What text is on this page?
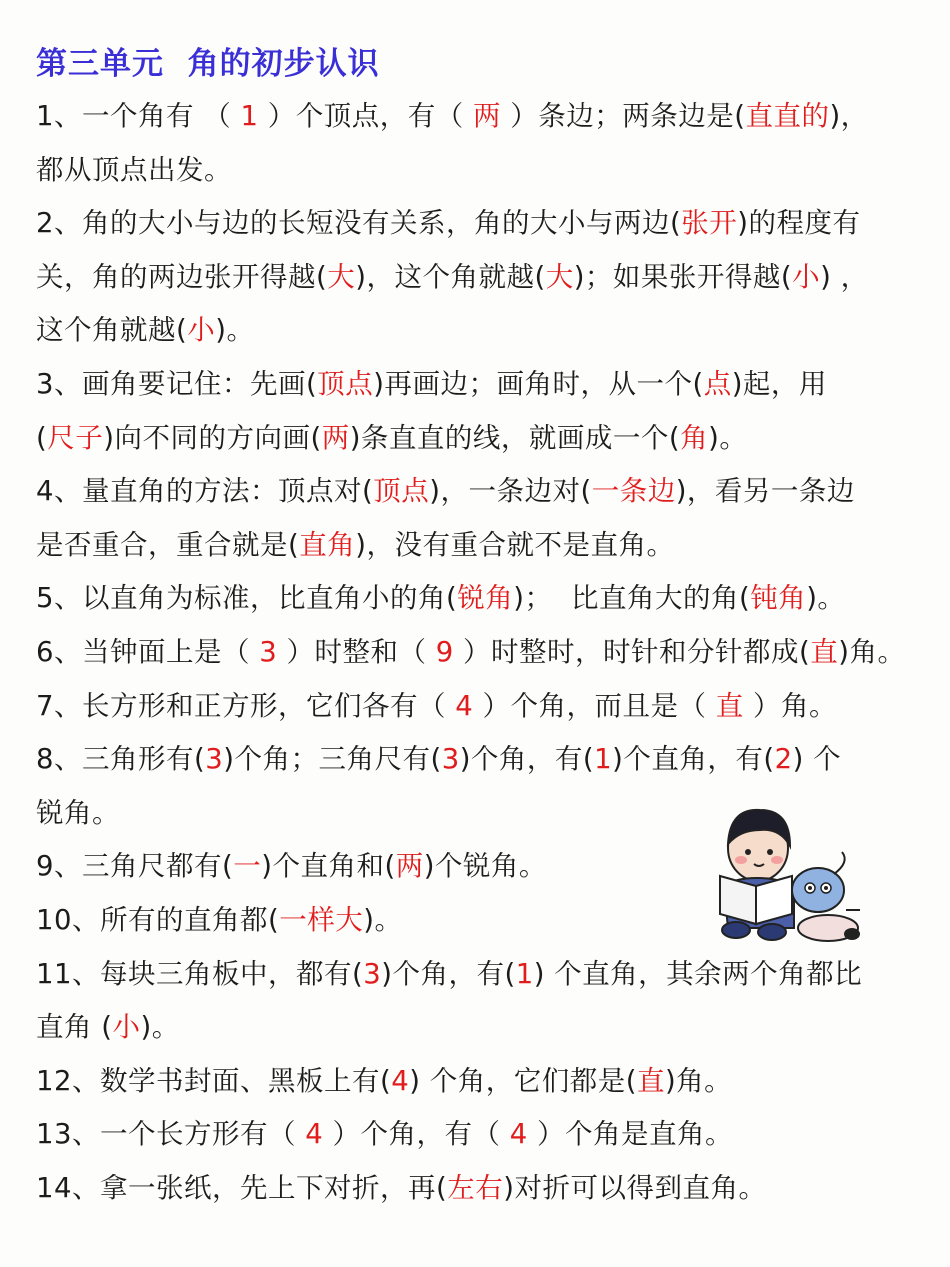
第三单元  角的初步认识
1、一个角有 （ 1 ）个顶点，有（ 两 ）条边；两条边是(直直的)，
都从顶点出发。
2、角的大小与边的长短没有关系，角的大小与两边(张开)的程度有
关，角的两边张开得越(大)，这个角就越(大)；如果张开得越(小) ，
这个角就越(小)。
3、画角要记住：先画(顶点)再画边；画角时，从一个(点)起，用
(尺子)向不同的方向画(两)条直直的线，就画成一个(角)。
4、量直角的方法：顶点对(顶点)，一条边对(一条边)，看另一条边
是否重合，重合就是(直角)，没有重合就不是直角。
5、以直角为标准，比直角小的角(锐角)；  比直角大的角(钝角)。
6、当钟面上是（ 3 ）时整和（ 9 ）时整时，时针和分针都成(直)角。
7、长方形和正方形，它们各有（ 4 ）个角，而且是（ 直 ）角。
8、三角形有(3)个角；三角尺有(3)个角，有(1)个直角，有(2) 个
锐角。
9、三角尺都有(一)个直角和(两)个锐角。
10、所有的直角都(一样大)。
11、每块三角板中，都有(3)个角，有(1) 个直角，其余两个角都比
直角 (小)。
12、数学书封面、黑板上有(4) 个角，它们都是(直)角。
13、一个长方形有（ 4 ）个角，有（ 4 ）个角是直角。
14、拿一张纸，先上下对折，再(左右)对折可以得到直角。
